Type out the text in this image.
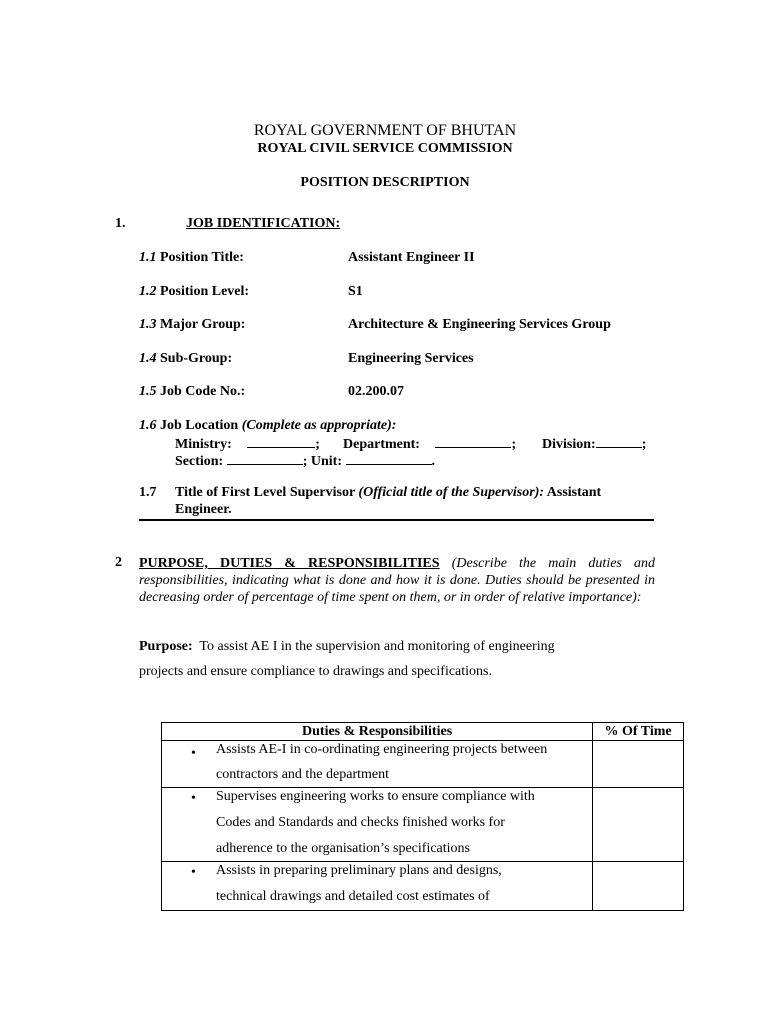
ROYAL GOVERNMENT OF BHUTAN
ROYAL CIVIL SERVICE COMMISSION
POSITION DESCRIPTION
1.	JOB IDENTIFICATION:
1.1 Position Title:	Assistant Engineer II
1.2 Position Level:	S1
1.3 Major Group:	Architecture & Engineering Services Group
1.4 Sub-Group:	Engineering Services
1.5 Job Code No.:	02.200.07
1.6 Job Location (Complete as appropriate):
Ministry:	; Department:	; Division:	;
Section:	; Unit:	.
1.7 Title of First Level Supervisor (Official title of the Supervisor): Assistant
Engineer.
2 PURPOSE, DUTIES & RESPONSIBILITIES (Describe the main duties and responsibilities, indicating what is done and how it is done. Duties should be presented in decreasing order of percentage of time spent on them, or in order of relative importance):
Purpose: To assist AE I in the supervision and monitoring of engineering
projects and ensure compliance to drawings and specifications.
Duties & Responsibilities	% Of Time

• Assists AE-I in co-ordinating engineering projects between
contractors and the department	

• Supervises engineering works to ensure compliance with
Codes and Standards and checks finished works for
adherence to the organisation’s specifications	

• Assists in preparing preliminary plans and designs,
technical drawings and detailed cost estimates of	
